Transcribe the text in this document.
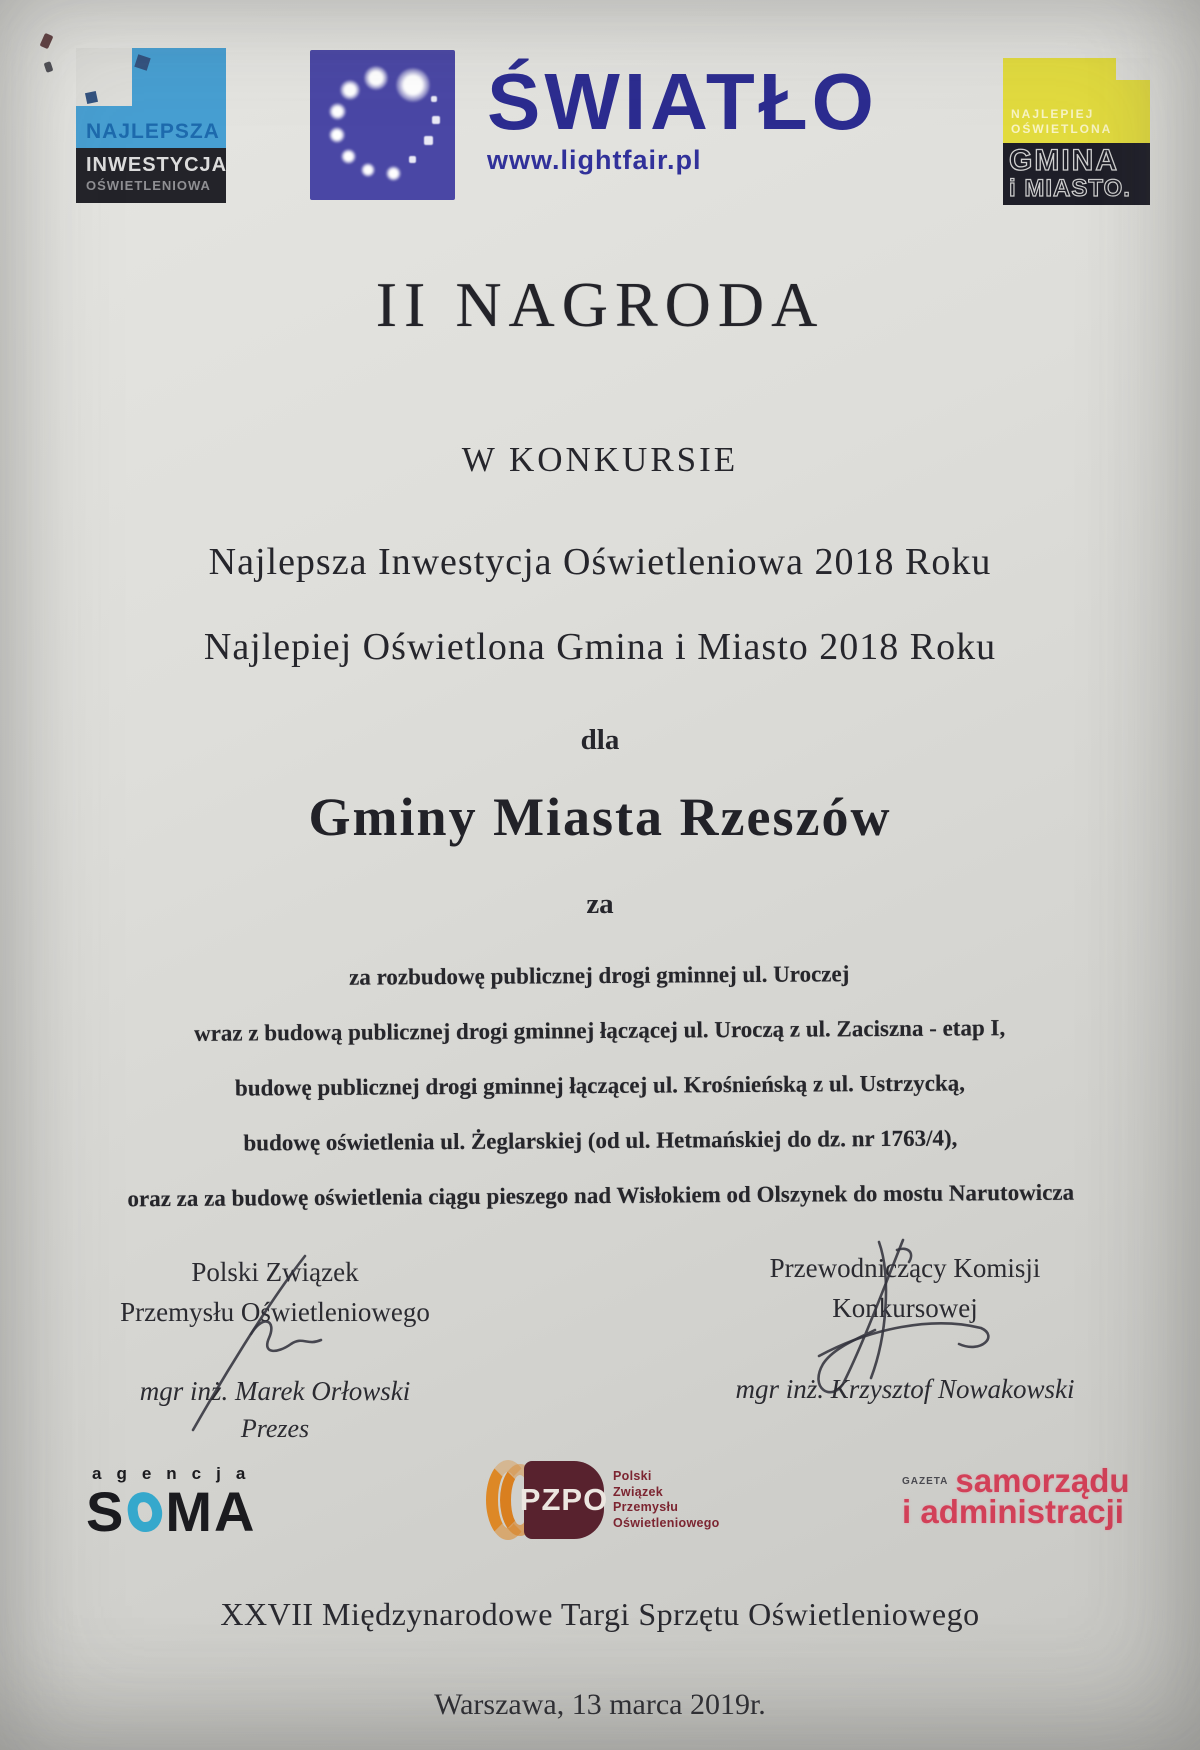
NAJLEPSZA
INWESTYCJA
OŚWIETLENIOWA
ŚWIATŁO
www.lightfair.pl
NAJLEPIEJ
OŚWIETLONA
GMINA
i MIASTO.
II NAGRODA
W KONKURSIE
Najlepsza Inwestycja Oświetleniowa 2018 Roku
Najlepiej Oświetlona Gmina i Miasto 2018 Roku
dla
Gminy Miasta Rzeszów
za
za rozbudowę publicznej drogi gminnej ul. Uroczej
wraz z budową publicznej drogi gminnej łączącej ul. Uroczą z ul. Zaciszna - etap I,
budowę publicznej drogi gminnej łączącej ul. Krośnieńską z ul. Ustrzycką,
budowę oświetlenia ul. Żeglarskiej (od ul. Hetmańskiej do dz. nr 1763/4),
oraz za za budowę oświetlenia ciągu pieszego nad Wisłokiem od Olszynek do mostu Narutowicza
Polski Związek
Przemysłu Oświetleniowego
mgr inż. Marek Orłowski
Prezes
Przewodniczący Komisji
Konkursowej
mgr inż. Krzysztof Nowakowski
agencja
S MA	PZPO
Polski
Związek
Przemysłu
Oświetleniowego
GAZETA samorządu
i administracji
XXVII Międzynarodowe Targi Sprzętu Oświetleniowego
Warszawa, 13 marca 2019r.
